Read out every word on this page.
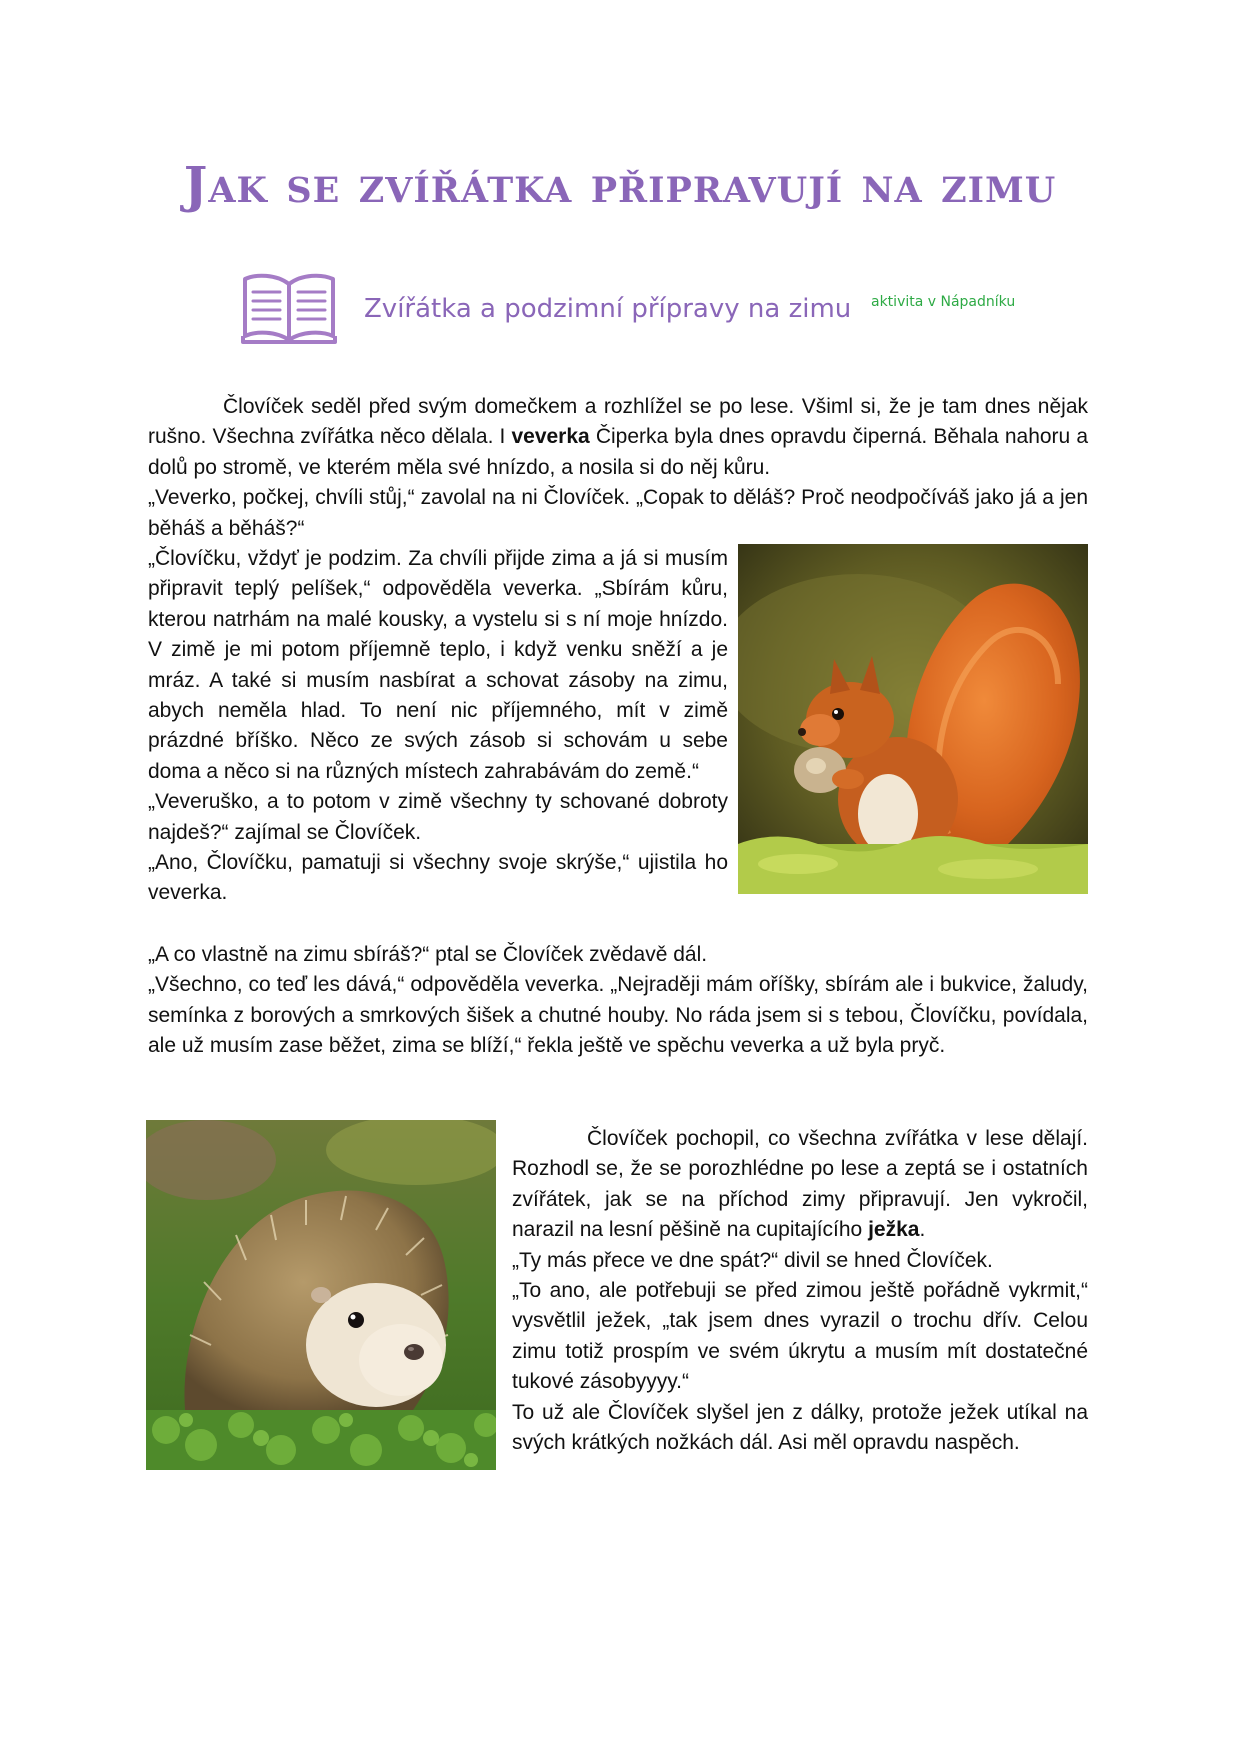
Jak se zvířátka připravují na zimu
Zvířátka a podzimní přípravy na zimu aktivita v Nápadníku

Človíček seděl před svým domečkem a rozhlížel se po lese. Všiml si, že je tam dnes nějak rušno. Všechna zvířátka něco dělala. I veverka Čiperka byla dnes opravdu čiperná. Běhala nahoru a dolů po stromě, ve kterém měla své hnízdo, a nosila si do něj kůru.

„Veverko, počkej, chvíli stůj,“ zavolal na ni Človíček. „Copak to děláš? Proč neodpočíváš jako já a jen běháš a běháš?“

„Človíčku, vždyť je podzim. Za chvíli přijde zima a já si musím připravit teplý pelíšek,“ odpověděla veverka. „Sbírám kůru, kterou natrhám na malé kousky, a vystelu si s ní moje hnízdo. V zimě je mi potom příjemně teplo, i když venku sněží a je mráz. A také si musím nasbírat a schovat zásoby na zimu, abych neměla hlad. To není nic příjemného, mít v zimě prázdné bříško. Něco ze svých zásob si schovám u sebe doma a něco si na různých místech zahrabávám do země.“

„Veveruško, a to potom v zimě všechny ty schované dobroty najdeš?“ zajímal se Človíček.

„Ano, Človíčku, pamatuji si všechny svoje skrýše,“ ujistila ho veverka.

„A co vlastně na zimu sbíráš?“ ptal se Človíček zvědavě dál.

„Všechno, co teď les dává,“ odpověděla veverka. „Nejraději mám oříšky, sbírám ale i bukvice, žaludy, semínka z borových a smrkových šišek a chutné houby. No ráda jsem si s tebou, Človíčku, povídala, ale už musím zase běžet, zima se blíží,“ řekla ještě ve spěchu veverka a už byla pryč.

Človíček pochopil, co všechna zvířátka v lese dělají. Rozhodl se, že se porozhlédne po lese a zeptá se i ostatních zvířátek, jak se na příchod zimy připravují. Jen vykročil, narazil na lesní pěšině na cupitajícího ježka.

„Ty más přece ve dne spát?“ divil se hned Človíček.

„To ano, ale potřebuji se před zimou ještě pořádně vykrmit,“ vysvětlil ježek, „tak jsem dnes vyrazil o trochu dřív. Celou zimu totiž prospím ve svém úkrytu a musím mít dostatečné tukové zásobyyyy.“

To už ale Človíček slyšel jen z dálky, protože ježek utíkal na svých krátkých nožkách dál. Asi měl opravdu naspěch.
